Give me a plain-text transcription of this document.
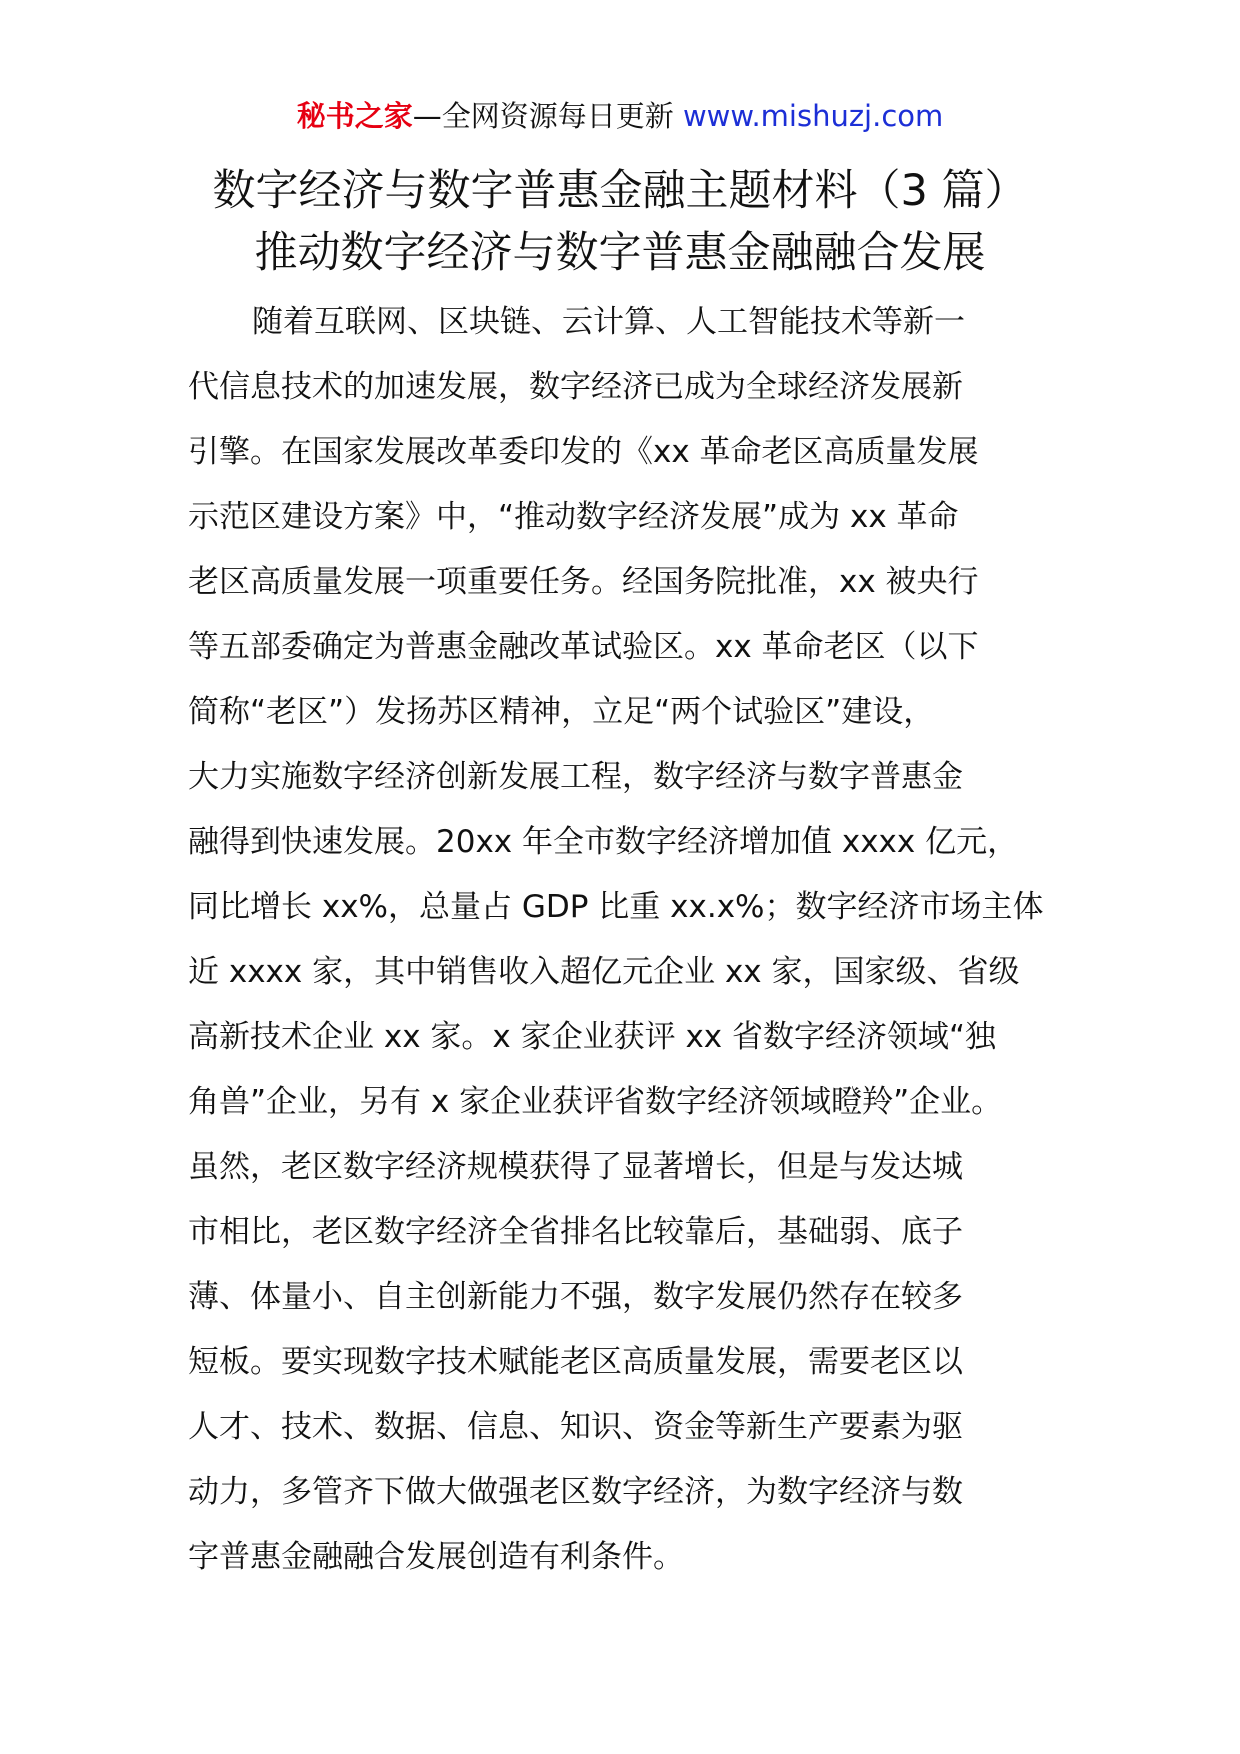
秘书之家—全网资源每日更新 www.mishuzj.com
数字经济与数字普惠金融主题材料（3 篇）
推动数字经济与数字普惠金融融合发展
随着互联网、区块链、云计算、人工智能技术等新一
代信息技术的加速发展，数字经济已成为全球经济发展新
引擎。在国家发展改革委印发的《xx 革命老区高质量发展
示范区建设方案》中，“推动数字经济发展”成为 xx 革命
老区高质量发展一项重要任务。经国务院批准，xx 被央行
等五部委确定为普惠金融改革试验区。xx 革命老区（以下
简称“老区”）发扬苏区精神，立足“两个试验区”建设，
大力实施数字经济创新发展工程，数字经济与数字普惠金
融得到快速发展。20xx 年全市数字经济增加值 xxxx 亿元，
同比增长 xx%，总量占 GDP 比重 xx.x%；数字经济市场主体
近 xxxx 家，其中销售收入超亿元企业 xx 家，国家级、省级
高新技术企业 xx 家。x 家企业获评 xx 省数字经济领域“独
角兽”企业，另有 x 家企业获评省数字经济领域瞪羚”企业。
虽然，老区数字经济规模获得了显著增长，但是与发达城
市相比，老区数字经济全省排名比较靠后，基础弱、底子
薄、体量小、自主创新能力不强，数字发展仍然存在较多
短板。要实现数字技术赋能老区高质量发展，需要老区以
人才、技术、数据、信息、知识、资金等新生产要素为驱
动力，多管齐下做大做强老区数字经济，为数字经济与数
字普惠金融融合发展创造有利条件。
